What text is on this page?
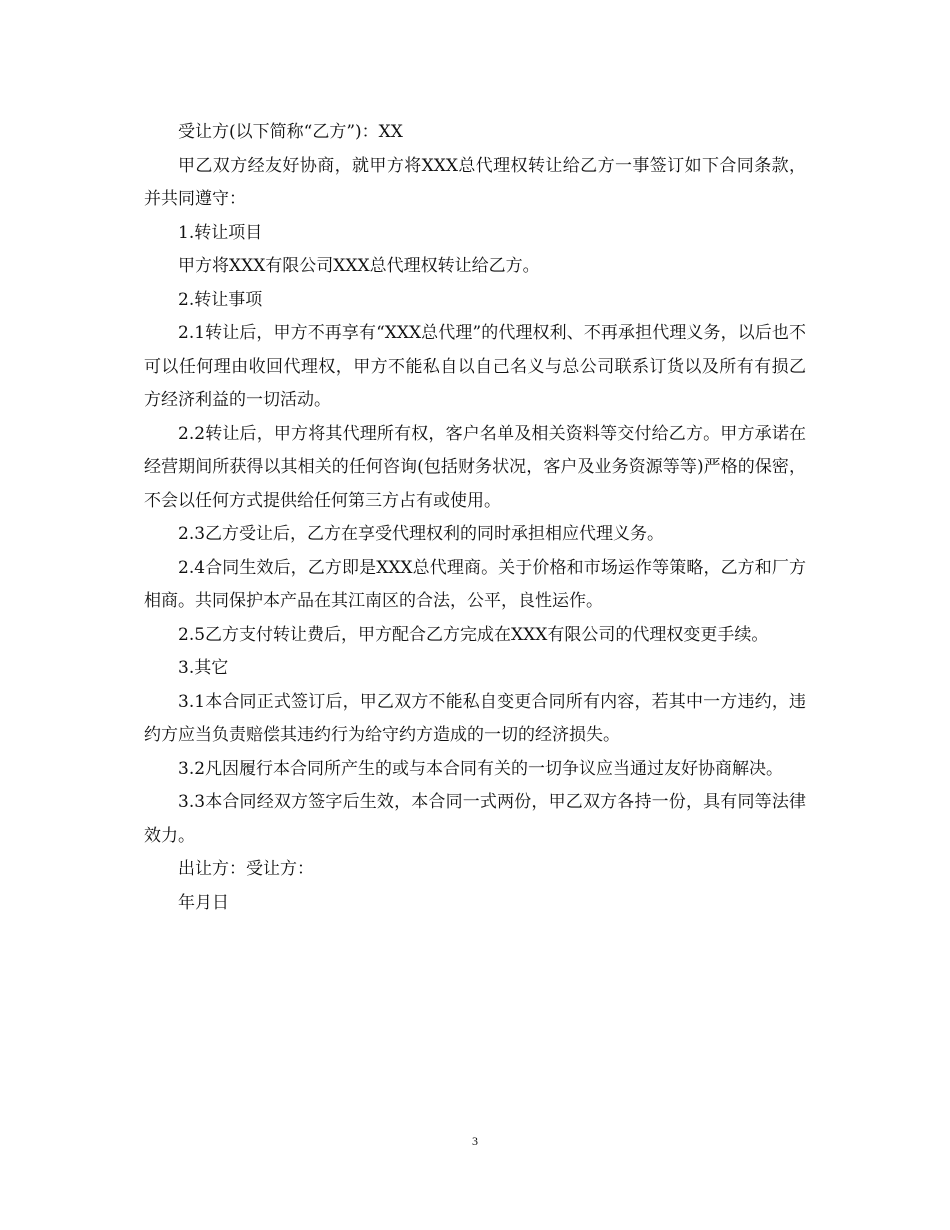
受让方(以下简称“乙方”)：XX

甲乙双方经友好协商，就甲方将XXX总代理权转让给乙方一事签订如下合同条款，并共同遵守：

1.转让项目

甲方将XXX有限公司XXX总代理权转让给乙方。

2.转让事项

2.1转让后，甲方不再享有“XXX总代理”的代理权利、不再承担代理义务，以后也不可以任何理由收回代理权，甲方不能私自以自己名义与总公司联系订货以及所有有损乙方经济利益的一切活动。

2.2转让后，甲方将其代理所有权，客户名单及相关资料等交付给乙方。甲方承诺在经营期间所获得以其相关的任何咨询(包括财务状况，客户及业务资源等等)严格的保密，不会以任何方式提供给任何第三方占有或使用。

2.3乙方受让后，乙方在享受代理权利的同时承担相应代理义务。

2.4合同生效后，乙方即是XXX总代理商。关于价格和市场运作等策略，乙方和厂方相商。共同保护本产品在其江南区的合法，公平，良性运作。

2.5乙方支付转让费后，甲方配合乙方完成在XXX有限公司的代理权变更手续。

3.其它

3.1本合同正式签订后，甲乙双方不能私自变更合同所有内容，若其中一方违约，违约方应当负责赔偿其违约行为给守约方造成的一切的经济损失。

3.2凡因履行本合同所产生的或与本合同有关的一切争议应当通过友好协商解决。

3.3本合同经双方签字后生效，本合同一式两份，甲乙双方各持一份，具有同等法律效力。

出让方：受让方：

年月日

3
